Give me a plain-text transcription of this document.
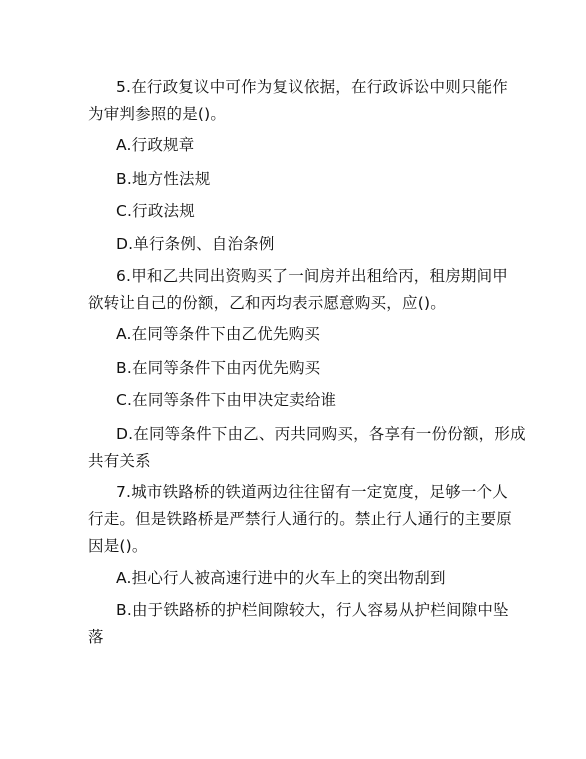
5.在行政复议中可作为复议依据，在行政诉讼中则只能作
为审判参照的是()。
A.行政规章
B.地方性法规
C.行政法规
D.单行条例、自治条例
6.甲和乙共同出资购买了一间房并出租给丙，租房期间甲
欲转让自己的份额，乙和丙均表示愿意购买，应()。
A.在同等条件下由乙优先购买
B.在同等条件下由丙优先购买
C.在同等条件下由甲决定卖给谁
D.在同等条件下由乙、丙共同购买，各享有一份份额，形成
共有关系
7.城市铁路桥的铁道两边往往留有一定宽度，足够一个人
行走。但是铁路桥是严禁行人通行的。禁止行人通行的主要原
因是()。
A.担心行人被高速行进中的火车上的突出物刮到
B.由于铁路桥的护栏间隙较大，行人容易从护栏间隙中坠
落
